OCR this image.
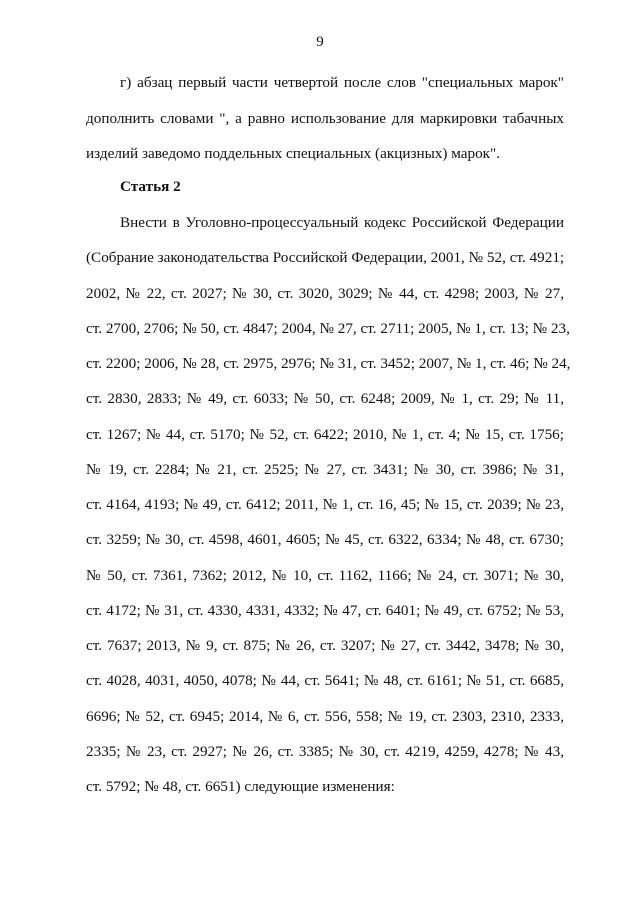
9
г) абзац первый части четвертой после слов "специальных марок"
дополнить словами ", а равно использование для маркировки табачных
изделий заведомо поддельных специальных (акцизных) марок".
Статья 2
Внести в Уголовно-процессуальный кодекс Российской Федерации
(Собрание законодательства Российской Федерации, 2001, № 52, ст. 4921;
2002, № 22, ст. 2027; № 30, ст. 3020, 3029; № 44, ст. 4298; 2003, № 27,
ст. 2700, 2706; № 50, ст. 4847; 2004, № 27, ст. 2711; 2005, № 1, ст. 13; № 23,
ст. 2200; 2006, № 28, ст. 2975, 2976; № 31, ст. 3452; 2007, № 1, ст. 46; № 24,
ст. 2830, 2833; № 49, ст. 6033; № 50, ст. 6248; 2009, № 1, ст. 29; № 11,
ст. 1267; № 44, ст. 5170; № 52, ст. 6422; 2010, № 1, ст. 4; № 15, ст. 1756;
№ 19, ст. 2284; № 21, ст. 2525; № 27, ст. 3431; № 30, ст. 3986; № 31,
ст. 4164, 4193; № 49, ст. 6412; 2011, № 1, ст. 16, 45; № 15, ст. 2039; № 23,
ст. 3259; № 30, ст. 4598, 4601, 4605; № 45, ст. 6322, 6334; № 48, ст. 6730;
№ 50, ст. 7361, 7362; 2012, № 10, ст. 1162, 1166; № 24, ст. 3071; № 30,
ст. 4172; № 31, ст. 4330, 4331, 4332; № 47, ст. 6401; № 49, ст. 6752; № 53,
ст. 7637; 2013, № 9, ст. 875; № 26, ст. 3207; № 27, ст. 3442, 3478; № 30,
ст. 4028, 4031, 4050, 4078; № 44, ст. 5641; № 48, ст. 6161; № 51, ст. 6685,
6696; № 52, ст. 6945; 2014, № 6, ст. 556, 558; № 19, ст. 2303, 2310, 2333,
2335; № 23, ст. 2927; № 26, ст. 3385; № 30, ст. 4219, 4259, 4278; № 43,
ст. 5792; № 48, ст. 6651) следующие изменения:
